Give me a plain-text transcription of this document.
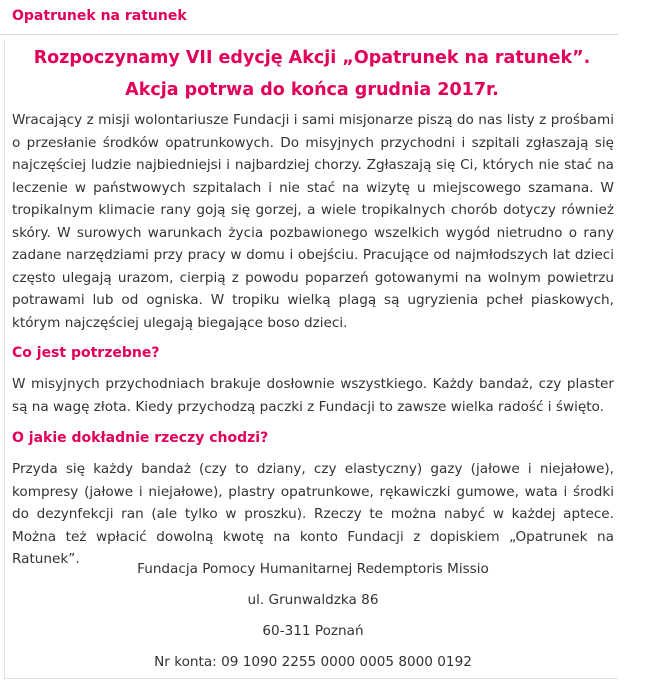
Opatrunek na ratunek
Rozpoczynamy VII edycję Akcji „Opatrunek na ratunek”.
Akcja potrwa do końca grudnia 2017r.

Wracający z misji wolontariusze Fundacji i sami misjonarze piszą do nas listy z prośbami o przesłanie środków opatrunkowych. Do misyjnych przychodni i szpitali zgłaszają się najczęściej ludzie najbiedniejsi i najbardziej chorzy. Zgłaszają się Ci, których nie stać na leczenie w państwowych szpitalach i nie stać na wizytę u miejscowego szamana. W tropikalnym klimacie rany goją się gorzej, a wiele tropikalnych chorób dotyczy również skóry. W surowych warunkach życia pozbawionego wszelkich wygód nietrudno o rany zadane narzędziami przy pracy w domu i obejściu. Pracujące od najmłodszych lat dzieci często ulegają urazom, cierpią z powodu poparzeń gotowanymi na wolnym powietrzu potrawami lub od ogniska. W tropiku wielką plagą są ugryzienia pcheł piaskowych, którym najczęściej ulegają biegające boso dzieci.

Co jest potrzebne?

W misyjnych przychodniach brakuje dosłownie wszystkiego. Każdy bandaż, czy plaster są na wagę złota. Kiedy przychodzą paczki z Fundacji to zawsze wielka radość i święto.

O jakie dokładnie rzeczy chodzi?

Przyda się każdy bandaż (czy to dziany, czy elastyczny) gazy (jałowe i niejałowe), kompresy (jałowe i niejałowe), plastry opatrunkowe, rękawiczki gumowe, wata i środki do dezynfekcji ran (ale tylko w proszku). Rzeczy te można nabyć w każdej aptece. Można też wpłacić dowolną kwotę na konto Fundacji z dopiskiem „Opatrunek na Ratunek”.

Fundacja Pomocy Humanitarnej Redemptoris Missio
ul. Grunwaldzka 86
60-311 Poznań
Nr konta: 09 1090 2255 0000 0005 8000 0192
